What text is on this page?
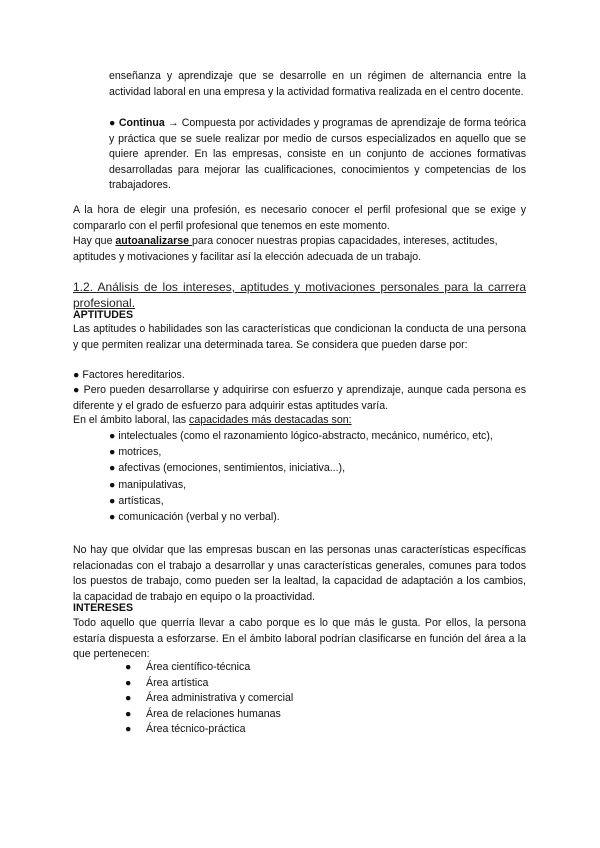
enseñanza y aprendizaje que se desarrolle en un régimen de alternancia entre la actividad laboral en una empresa y la actividad formativa realizada en el centro docente.

● Continua → Compuesta por actividades y programas de aprendizaje de forma teórica y práctica que se suele realizar por medio de cursos especializados en aquello que se quiere aprender. En las empresas, consiste en un conjunto de acciones formativas desarrolladas para mejorar las cualificaciones, conocimientos y competencias de los trabajadores.

A la hora de elegir una profesión, es necesario conocer el perfil profesional que se exige y compararlo con el perfil profesional que tenemos en este momento.

Hay que autoanalizarse para conocer nuestras propias capacidades, intereses, actitudes, aptitudes y motivaciones y facilitar así la elección adecuada de un trabajo.

1.2. Análisis de los intereses, aptitudes y motivaciones personales para la carrera profesional.

APTITUDES

Las aptitudes o habilidades son las características que condicionan la conducta de una persona y que permiten realizar una determinada tarea. Se considera que pueden darse por:

● Factores hereditarios.

● Pero pueden desarrollarse y adquirirse con esfuerzo y aprendizaje, aunque cada persona es diferente y el grado de esfuerzo para adquirir estas aptitudes varía.

En el ámbito laboral, las capacidades más destacadas son:

● intelectuales (como el razonamiento lógico-abstracto, mecánico, numérico, etc),
● motrices,
● afectivas (emociones, sentimientos, iniciativa...),
● manipulativas,
● artísticas,
● comunicación (verbal y no verbal).

No hay que olvidar que las empresas buscan en las personas unas características específicas relacionadas con el trabajo a desarrollar y unas características generales, comunes para todos los puestos de trabajo, como pueden ser la lealtad, la capacidad de adaptación a los cambios, la capacidad de trabajo en equipo o la proactividad.

INTERESES

Todo aquello que querría llevar a cabo porque es lo que más le gusta. Por ellos, la persona estaría dispuesta a esforzarse. En el ámbito laboral podrían clasificarse en función del área a la que pertenecen:

● Área científico-técnica
● Área artística
● Área administrativa y comercial
● Área de relaciones humanas
● Área técnico-práctica
